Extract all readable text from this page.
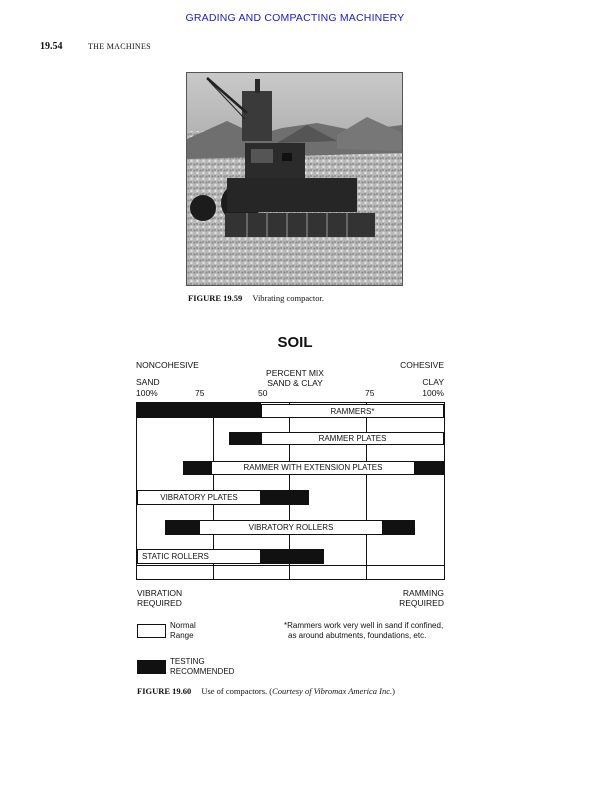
GRADING AND COMPACTING MACHINERY
19.54	THE MACHINES
FIGURE 19.59 Vibrating compactor.
SOIL
NONCOHESIVE	COHESIVE
PERCENT MIX
SAND & CLAY
SAND	CLAY
100%	75	50	75	100%
RAMMERS*
RAMMER PLATES
RAMMER WITH EXTENSION PLATES
VIBRATORY PLATES
VIBRATORY ROLLERS
STATIC ROLLERS
VIBRATION
REQUIRED
RAMMING
REQUIRED
Normal
Range
TESTING
RECOMMENDED
*Rammers work very well in sand if confined,
as around abutments, foundations, etc.
FIGURE 19.60 Use of compactors. (Courtesy of Vibromax America Inc.)
